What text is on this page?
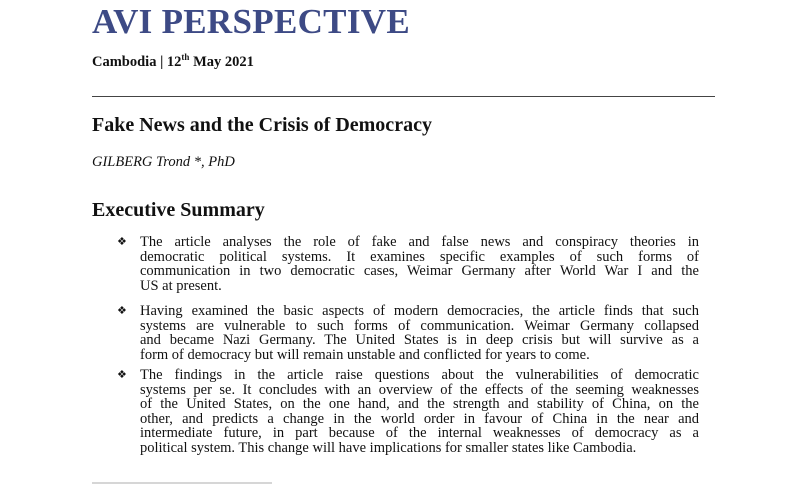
AVI PERSPECTIVE
Cambodia | 12th May 2021
Fake News and the Crisis of Democracy
GILBERG Trond *, PhD
Executive Summary
❖ The article analyses the role of fake and false news and conspiracy theories in
democratic political systems. It examines specific examples of such forms of
communication in two democratic cases, Weimar Germany after World War I and the
US at present.
❖ Having examined the basic aspects of modern democracies, the article finds that such
systems are vulnerable to such forms of communication. Weimar Germany collapsed
and became Nazi Germany. The United States is in deep crisis but will survive as a
form of democracy but will remain unstable and conflicted for years to come.
❖ The findings in the article raise questions about the vulnerabilities of democratic
systems per se. It concludes with an overview of the effects of the seeming weaknesses
of the United States, on the one hand, and the strength and stability of China, on the
other, and predicts a change in the world order in favour of China in the near and
intermediate future, in part because of the internal weaknesses of democracy as a
political system. This change will have implications for smaller states like Cambodia.
